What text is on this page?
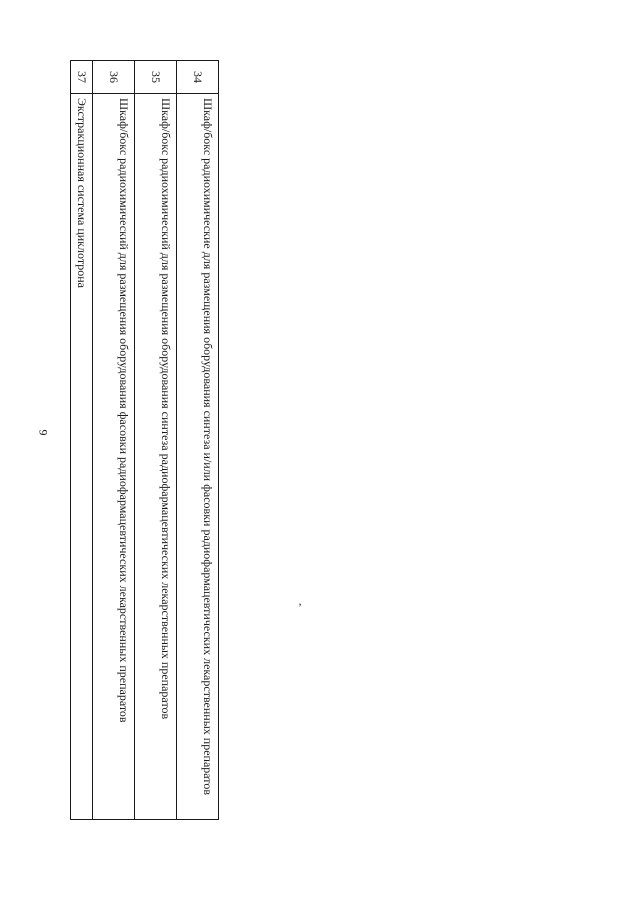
9
34	Шкаф/бокс радиохимические для размещения оборудования синтеза и/или фасовки радиофармацевтических лекарственных препаратов

35	Шкаф/бокс радиохимический для размещения оборудования синтеза радиофармацевтических лекарственных препаратов

36	Шкаф/бокс радиохимический для размещения оборудования фасовки радиофармацевтических лекарственных препаратов

37	Экстракционная система циклотрона
’
